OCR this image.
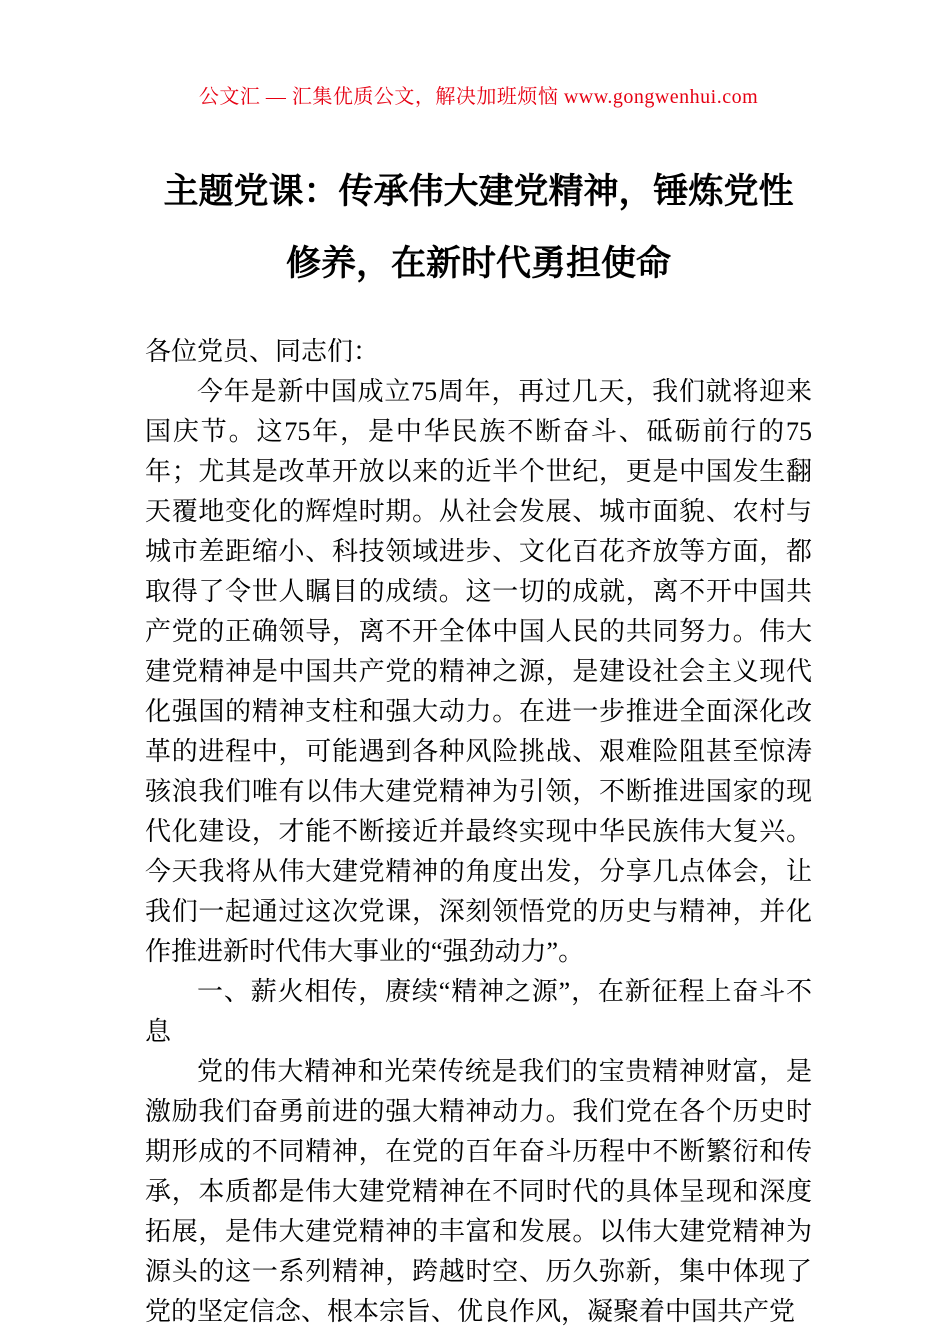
公文汇 — 汇集优质公文，解决加班烦恼 www.gongwenhui.com
主题党课：传承伟大建党精神，锤炼党性
修养，在新时代勇担使命

各位党员、同志们：

今年是新中国成立75周年，再过几天，我们就将迎来国庆节。这75年，是中华民族不断奋斗、砥砺前行的75年；尤其是改革开放以来的近半个世纪，更是中国发生翻天覆地变化的辉煌时期。从社会发展、城市面貌、农村与城市差距缩小、科技领域进步、文化百花齐放等方面，都取得了令世人瞩目的成绩。这一切的成就，离不开中国共产党的正确领导，离不开全体中国人民的共同努力。伟大建党精神是中国共产党的精神之源，是建设社会主义现代化强国的精神支柱和强大动力。在进一步推进全面深化改革的进程中，可能遇到各种风险挑战、艰难险阻甚至惊涛骇浪我们唯有以伟大建党精神为引领，不断推进国家的现代化建设，才能不断接近并最终实现中华民族伟大复兴。今天我将从伟大建党精神的角度出发，分享几点体会，让我们一起通过这次党课，深刻领悟党的历史与精神，并化作推进新时代伟大事业的“强劲动力”。

一、薪火相传，赓续“精神之源”，在新征程上奋斗不息

党的伟大精神和光荣传统是我们的宝贵精神财富，是激励我们奋勇前进的强大精神动力。我们党在各个历史时期形成的不同精神，在党的百年奋斗历程中不断繁衍和传承，本质都是伟大建党精神在不同时代的具体呈现和深度拓展，是伟大建党精神的丰富和发展。以伟大建党精神为源头的这一系列精神，跨越时空、历久弥新，集中体现了党的坚定信念、根本宗旨、优良作风，凝聚着中国共产党
